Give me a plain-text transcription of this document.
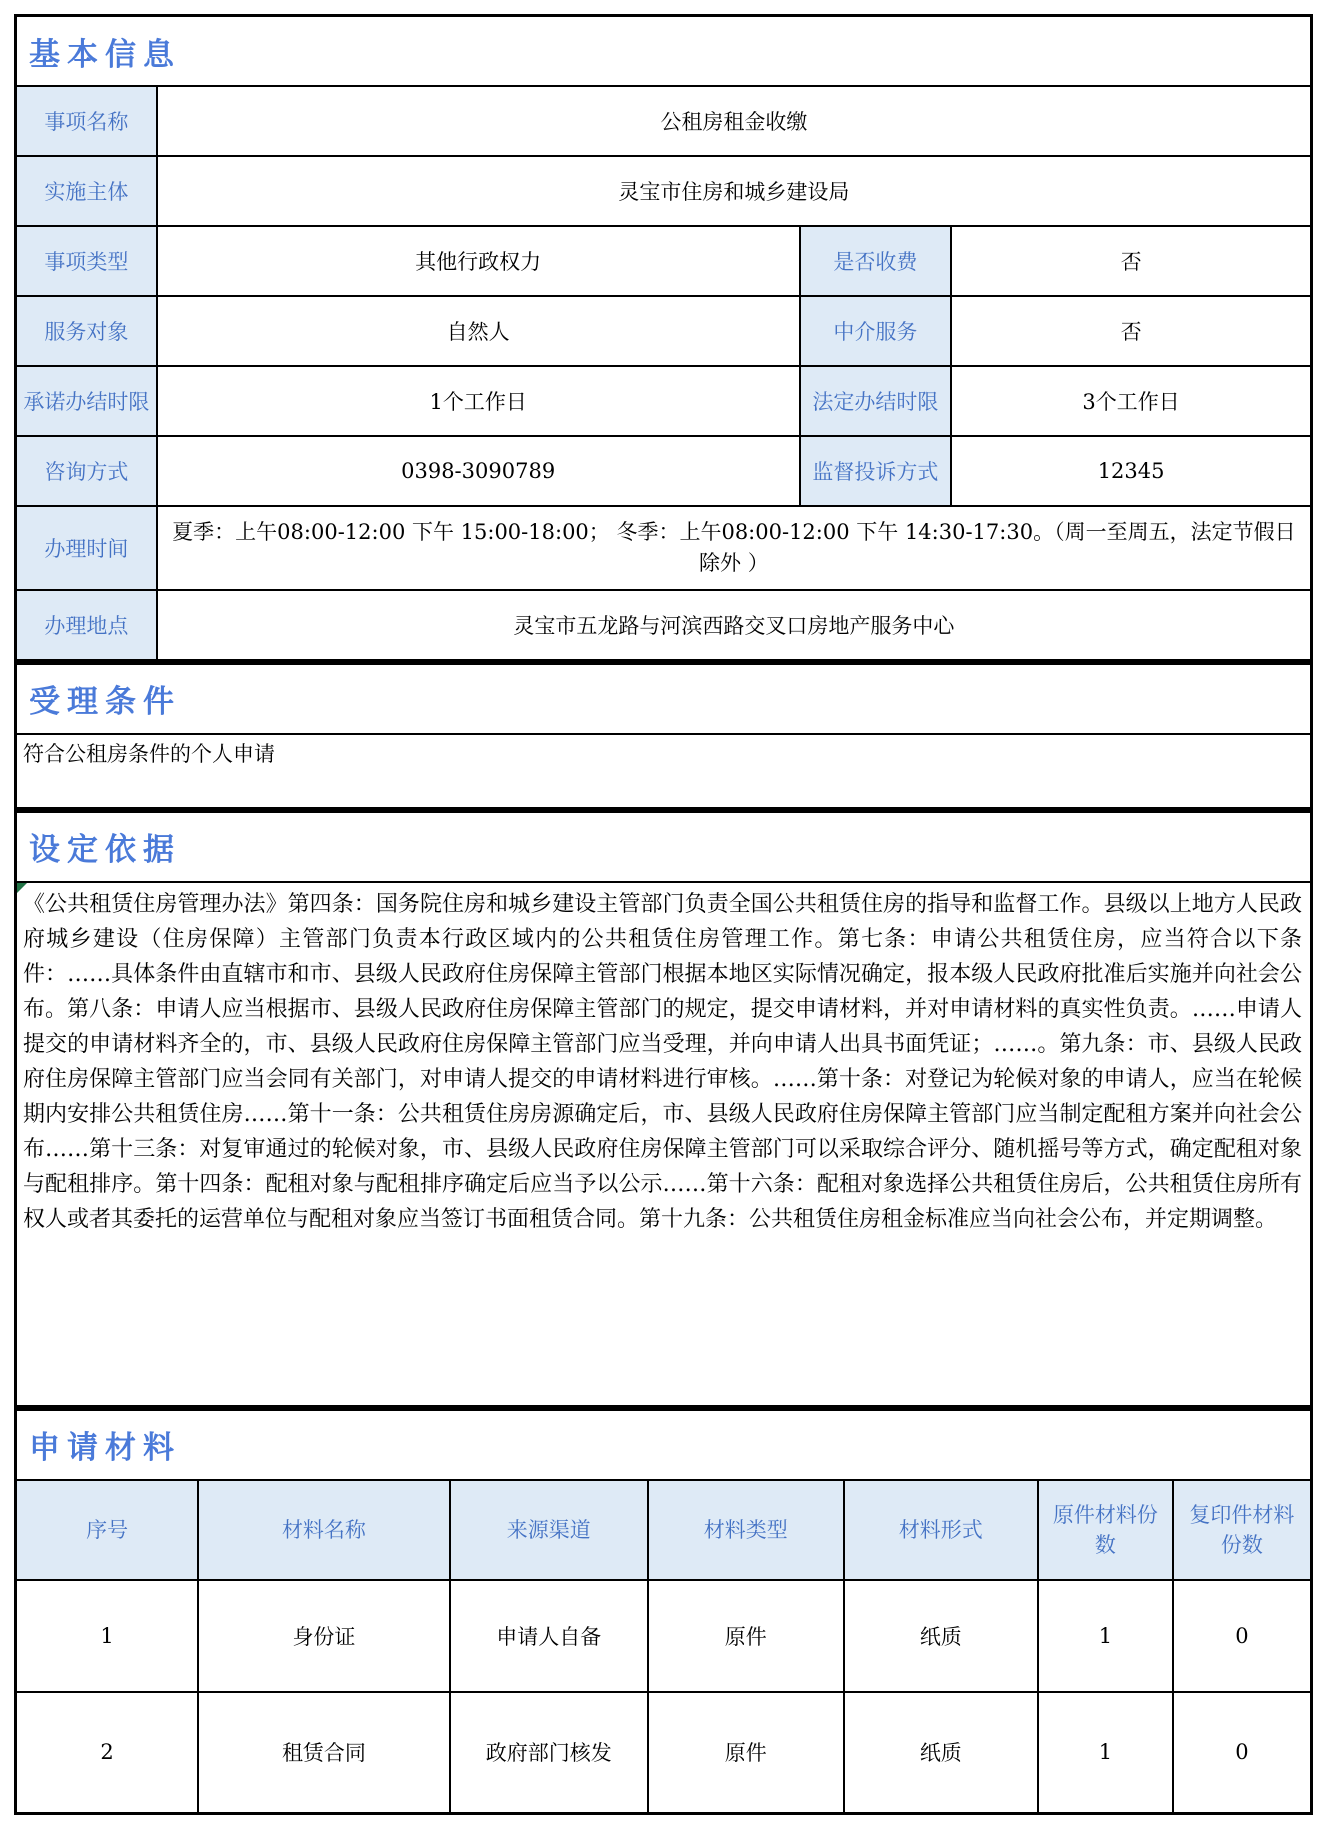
基本信息			
事项名称	公租房租金收缴		
实施主体	灵宝市住房和城乡建设局		
事项类型	其他行政权力	是否收费	否
服务对象	自然人	中介服务	否
承诺办结时限	1个工作日	法定办结时限	3个工作日
咨询方式	0398-3090789	监督投诉方式	12345
办理时间	夏季：上午08:00-12:00 下午 15:00-18:00； 冬季：上午08:00-12:00 下午 14:30-17:30。（周一至周五，法定节假日除外 ）		
办理地点	灵宝市五龙路与河滨西路交叉口房地产服务中心		
受理条件
符合公租房条件的个人申请
设定依据

《公共租赁住房管理办法》第四条：国务院住房和城乡建设主管部门负责全国公共租赁住房的指导和监督工作。县级以上地方人民政府城乡建设（住房保障）主管部门负责本行政区域内的公共租赁住房管理工作。第七条：申请公共租赁住房，应当符合以下条件：……具体条件由直辖市和市、县级人民政府住房保障主管部门根据本地区实际情况确定，报本级人民政府批准后实施并向社会公布。第八条：申请人应当根据市、县级人民政府住房保障主管部门的规定，提交申请材料，并对申请材料的真实性负责。……申请人提交的申请材料齐全的，市、县级人民政府住房保障主管部门应当受理，并向申请人出具书面凭证；……。第九条：市、县级人民政府住房保障主管部门应当会同有关部门，对申请人提交的申请材料进行审核。……第十条：对登记为轮候对象的申请人，应当在轮候期内安排公共租赁住房……第十一条：公共租赁住房房源确定后，市、县级人民政府住房保障主管部门应当制定配租方案并向社会公布……第十三条：对复审通过的轮候对象，市、县级人民政府住房保障主管部门可以采取综合评分、随机摇号等方式，确定配租对象与配租排序。第十四条：配租对象与配租排序确定后应当予以公示……第十六条：配租对象选择公共租赁住房后，公共租赁住房所有权人或者其委托的运营单位与配租对象应当签订书面租赁合同。第十九条：公共租赁住房租金标准应当向社会公布，并定期调整。
申请材料						
序号	材料名称	来源渠道	材料类型	材料形式	原件材料份数	复印件材料份数
1	身份证	申请人自备	原件	纸质	1	0
2	租赁合同	政府部门核发	原件	纸质	1	0
